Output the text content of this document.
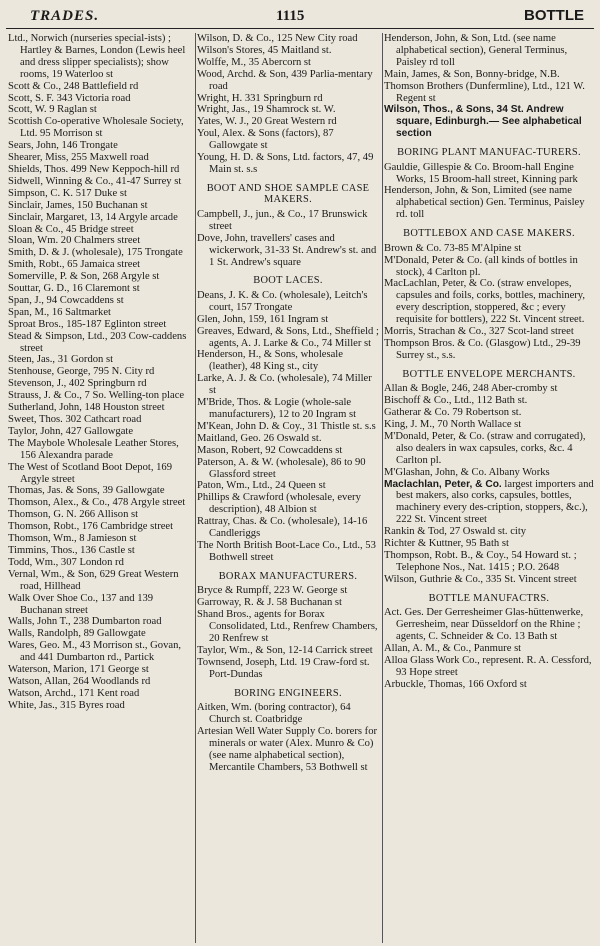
TRADES.	1115	BOTTLE

Ltd., Norwich (nurseries special-ists) ; Hartley & Barnes, London (Lewis heel and dress slipper specialists); show rooms, 19 Waterloo st

Scott & Co., 248 Battlefield rd

Scott, S. F. 343 Victoria road

Scott, W. 9 Raglan st

Scottish Co-operative Wholesale Society, Ltd. 95 Morrison st

Sears, John, 146 Trongate

Shearer, Miss, 255 Maxwell road

Shields, Thos. 499 New Keppoch-hill rd

Sidwell, Winning & Co., 41-47 Surrey st

Simpson, C. K. 517 Duke st

Sinclair, James, 150 Buchanan st

Sinclair, Margaret, 13, 14 Argyle arcade

Sloan & Co., 45 Bridge street

Sloan, Wm. 20 Chalmers street

Smith, D. & J. (wholesale), 175 Trongate

Smith, Robt., 65 Jamaica street

Somerville, P. & Son, 268 Argyle st

Souttar, G. D., 16 Claremont st

Span, J., 94 Cowcaddens st

Span, M., 16 Saltmarket

Sproat Bros., 185-187 Eglinton street

Stead & Simpson, Ltd., 203 Cow-caddens street

Steen, Jas., 31 Gordon st

Stenhouse, George, 795 N. City rd

Stevenson, J., 402 Springburn rd

Strauss, J. & Co., 7 So. Welling-ton place

Sutherland, John, 148 Houston street

Sweet, Thos. 302 Cathcart road

Taylor, John, 427 Gallowgate

The Maybole Wholesale Leather Stores, 156 Alexandra parade

The West of Scotland Boot Depot, 169 Argyle street

Thomas, Jas. & Sons, 39 Gallowgate

Thomson, Alex., & Co., 478 Argyle street

Thomson, G. N. 266 Allison st

Thomson, Robt., 176 Cambridge street

Thomson, Wm., 8 Jamieson st

Timmins, Thos., 136 Castle st

Todd, Wm., 307 London rd

Vernal, Wm., & Son, 629 Great Western road, Hillhead

Walk Over Shoe Co., 137 and 139 Buchanan street

Walls, John T., 238 Dumbarton road

Walls, Randolph, 89 Gallowgate

Wares, Geo. M., 43 Morrison st., Govan, and 441 Dumbarton rd., Partick

Waterson, Marion, 171 George st

Watson, Allan, 264 Woodlands rd

Watson, Archd., 171 Kent road

White, Jas., 315 Byres road

Wilson, D. & Co., 125 New City road

Wilson's Stores, 45 Maitland st.

Wolffe, M., 35 Abercorn st

Wood, Archd. & Son, 439 Parlia-mentary road

Wright, H. 331 Springburn rd

Wright, Jas., 19 Shamrock st. W.

Yates, W. J., 20 Great Western rd

Youl, Alex. & Sons (factors), 87 Gallowgate st

Young, H. D. & Sons, Ltd. factors, 47, 49 Main st. s.s

BOOT AND SHOE SAMPLE CASE MAKERS.

Campbell, J., jun., & Co., 17 Brunswick street

Dove, John, travellers' cases and wickerwork, 31-33 St. Andrew's st. and 1 St. Andrew's square

BOOT LACES.

Deans, J. K. & Co. (wholesale), Leitch's court, 157 Trongate

Glen, John, 159, 161 Ingram st

Greaves, Edward, & Sons, Ltd., Sheffield ; agents, A. J. Larke & Co., 74 Miller st

Henderson, H., & Sons, wholesale (leather), 48 King st., city

Larke, A. J. & Co. (wholesale), 74 Miller st

M'Bride, Thos. & Logie (whole-sale manufacturers), 12 to 20 Ingram st

M'Kean, John D. & Coy., 31 Thistle st. s.s

Maitland, Geo. 26 Oswald st.

Mason, Robert, 92 Cowcaddens st

Paterson, A. & W. (wholesale), 86 to 90 Glassford street

Paton, Wm., Ltd., 24 Queen st

Phillips & Crawford (wholesale, every description), 48 Albion st

Rattray, Chas. & Co. (wholesale), 14-16 Candleriggs

The North British Boot-Lace Co., Ltd., 53 Bothwell street

BORAX MANUFACTURERS.

Bryce & Rumpff, 223 W. George st

Garroway, R. & J. 58 Buchanan st

Shand Bros., agents for Borax Consolidated, Ltd., Renfrew Chambers, 20 Renfrew st

Taylor, Wm., & Son, 12-14 Carrick street

Townsend, Joseph, Ltd. 19 Craw-ford st. Port-Dundas

BORING ENGINEERS.

Aitken, Wm. (boring contractor), 64 Church st. Coatbridge

Artesian Well Water Supply Co. borers for minerals or water (Alex. Munro & Co) (see name alphabetical section), Mercantile Chambers, 53 Bothwell st

Henderson, John, & Son, Ltd. (see name alphabetical section), General Terminus, Paisley rd toll

Main, James, & Son, Bonny-bridge, N.B.

Thomson Brothers (Dunfermline), Ltd., 121 W. Regent st

Wilson, Thos., & Sons, 34 St. Andrew square, Edinburgh.— See alphabetical section

BORING PLANT MANUFAC-TURERS.

Gauldie, Gillespie & Co. Broom-hall Engine Works, 15 Broom-hall street, Kinning park

Henderson, John, & Son, Limited (see name alphabetical section) Gen. Terminus, Paisley rd. toll

BOTTLEBOX AND CASE MAKERS.

Brown & Co. 73-85 M'Alpine st

M'Donald, Peter & Co. (all kinds of bottles in stock), 4 Carlton pl.

MacLachlan, Peter, & Co. (straw envelopes, capsules and foils, corks, bottles, machinery, every description, stoppered, &c ; every requisite for bottlers), 222 St. Vincent street.

Morris, Strachan & Co., 327 Scot-land street

Thompson Bros. & Co. (Glasgow) Ltd., 29-39 Surrey st., s.s.

BOTTLE ENVELOPE MERCHANTS.

Allan & Bogle, 246, 248 Aber-cromby st

Bischoff & Co., Ltd., 112 Bath st.

Gatherar & Co. 79 Robertson st.

King, J. M., 70 North Wallace st

M'Donald, Peter, & Co. (straw and corrugated), also dealers in wax capsules, corks, &c. 4 Carlton pl.

M'Glashan, John, & Co. Albany Works

Maclachlan, Peter, & Co. largest importers and best makers, also corks, capsules, bottles, machinery every des-cription, stoppers, &c.), 222 St. Vincent street

Rankin & Tod, 27 Oswald st. city

Richter & Kuttner, 95 Bath st

Thompson, Robt. B., & Coy., 54 Howard st. ; Telephone Nos., Nat. 1415 ; P.O. 2648

Wilson, Guthrie & Co., 335 St. Vincent street

BOTTLE MANUFACTRS.

Act. Ges. Der Gerresheimer Glas-hüttenwerke, Gerresheim, near Düsseldorf on the Rhine ; agents, C. Schneider & Co. 13 Bath st

Allan, A. M., & Co., Panmure st

Alloa Glass Work Co., represent. R. A. Cessford, 93 Hope street

Arbuckle, Thomas, 166 Oxford st
